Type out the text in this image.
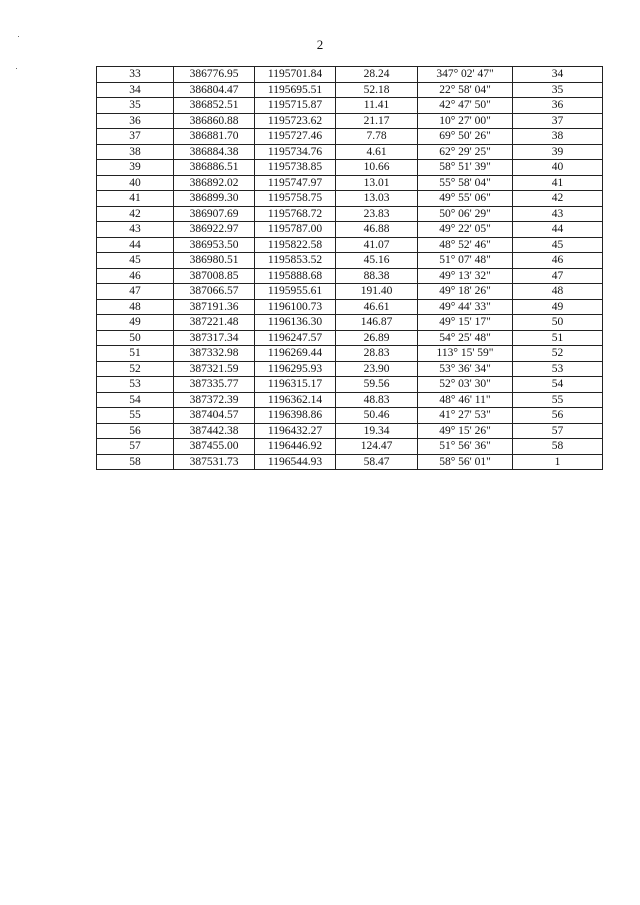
2
33	386776.95	1195701.84	28.24	347° 02' 47"	34
34	386804.47	1195695.51	52.18	22° 58' 04"	35
35	386852.51	1195715.87	11.41	42° 47' 50"	36
36	386860.88	1195723.62	21.17	10° 27' 00"	37
37	386881.70	1195727.46	7.78	69° 50' 26"	38
38	386884.38	1195734.76	4.61	62° 29' 25"	39
39	386886.51	1195738.85	10.66	58° 51' 39"	40
40	386892.02	1195747.97	13.01	55° 58' 04"	41
41	386899.30	1195758.75	13.03	49° 55' 06"	42
42	386907.69	1195768.72	23.83	50° 06' 29"	43
43	386922.97	1195787.00	46.88	49° 22' 05"	44
44	386953.50	1195822.58	41.07	48° 52' 46"	45
45	386980.51	1195853.52	45.16	51° 07' 48"	46
46	387008.85	1195888.68	88.38	49° 13' 32"	47
47	387066.57	1195955.61	191.40	49° 18' 26"	48
48	387191.36	1196100.73	46.61	49° 44' 33"	49
49	387221.48	1196136.30	146.87	49° 15' 17"	50
50	387317.34	1196247.57	26.89	54° 25' 48"	51
51	387332.98	1196269.44	28.83	113° 15' 59"	52
52	387321.59	1196295.93	23.90	53° 36' 34"	53
53	387335.77	1196315.17	59.56	52° 03' 30"	54
54	387372.39	1196362.14	48.83	48° 46' 11"	55
55	387404.57	1196398.86	50.46	41° 27' 53"	56
56	387442.38	1196432.27	19.34	49° 15' 26"	57
57	387455.00	1196446.92	124.47	51° 56' 36"	58
58	387531.73	1196544.93	58.47	58° 56' 01"	1
